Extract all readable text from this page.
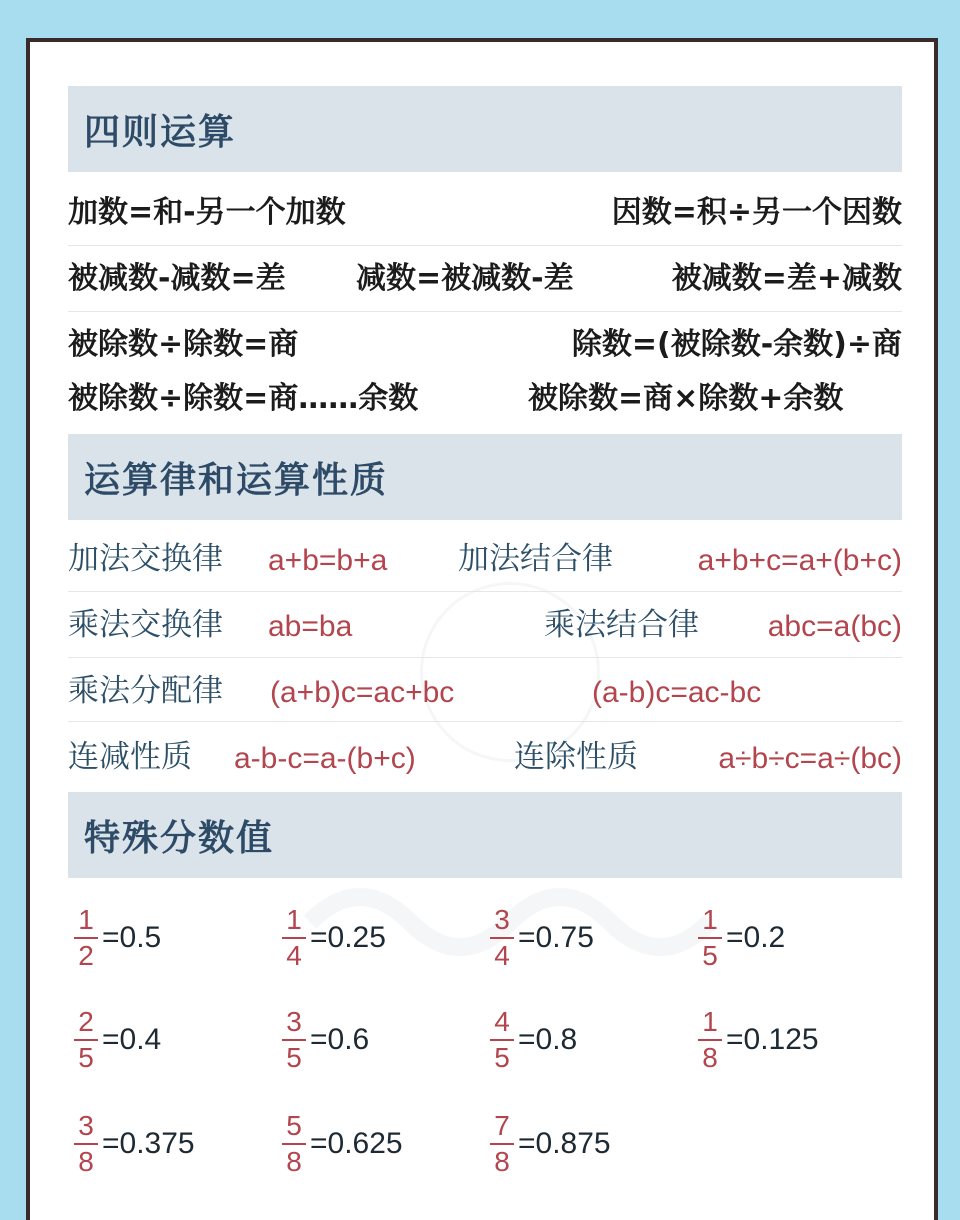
四则运算
加数=和-另一个加数	因数=积÷另一个因数
被减数-减数=差 减数=被减数-差	被减数=差+减数
被除数÷除数=商	除数=(被除数-余数)÷商
被除数÷除数=商……余数	被除数=商×除数+余数
运算律和运算性质
加法交换律 a+b=b+a 加法结合律	a+b+c=a+(b+c)
乘法交换律 ab=ba	乘法结合律 abc=a(bc)
乘法分配律 (a+b)c=ac+bc	(a-b)c=ac-bc
连减性质 a-b-c=a-(b+c)	连除性质	a÷b÷c=a÷(bc)
特殊分数值
$\frac{1}{2} =0.5$	$\frac{1}{4} =0.25$	$\frac{3}{4} =0.75$	$\frac{1}{5} =0.2$
$\frac{2}{5} =0.4$	$\frac{3}{5} =0.6$	$\frac{4}{5} =0.8$	$\frac{1}{8} =0.125$
$\frac{3}{8} =0.375$	$\frac{5}{8} =0.625$	$\frac{7}{8} =0.875$
